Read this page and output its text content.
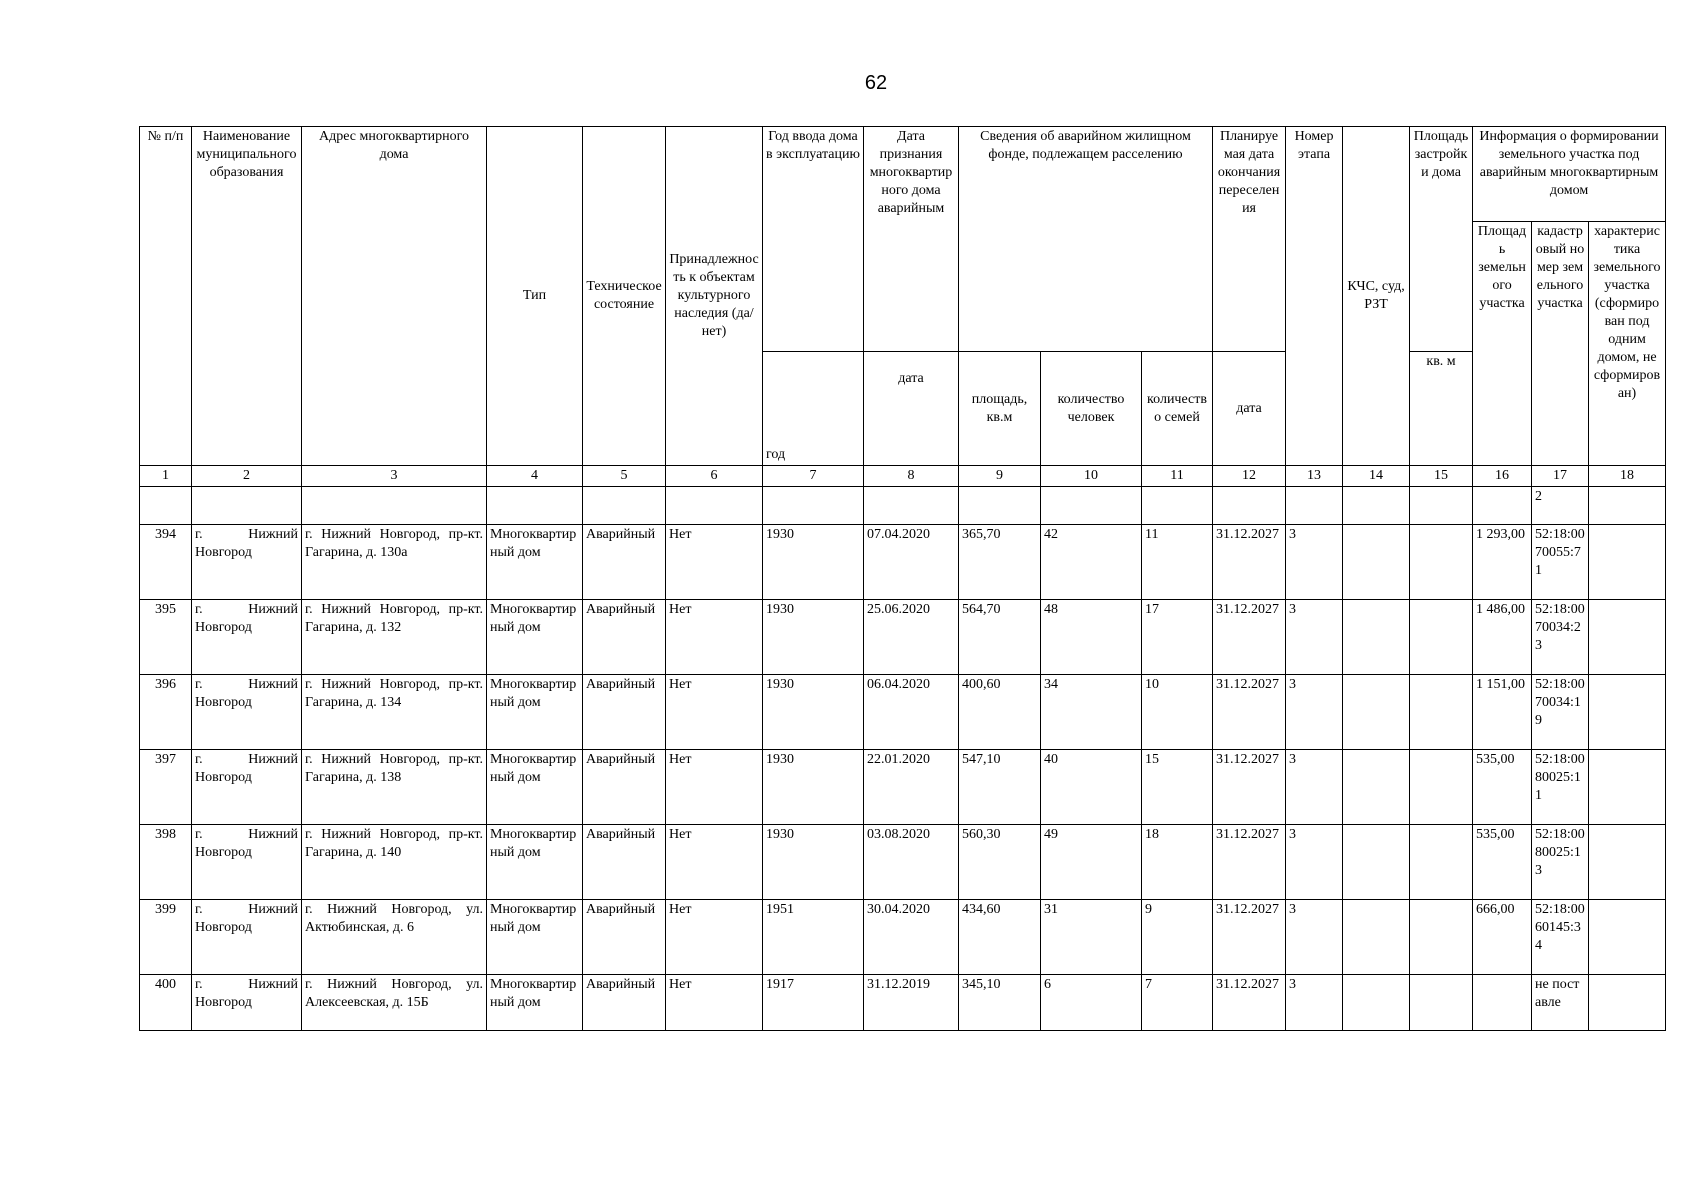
62
№ п/п	Наименование муниципального образования	Адрес многоквартирного дома	Тип	Техническое состояние	Принадлежность к объектам культурного наследия (да/нет)	Год ввода дома в эксплуатацию	Дата признания многоквартирного дома аварийным	Сведения об аварийном жилищном фонде, подлежащем расселению			Планируемая дата окончания переселения	Номер этапа	КЧС, суд, РЗТ	Площадь застройки дома	Информация о формировании земельного участка под аварийным многоквартирным домом		
															Площадь земельного участка	кадастровый номер земельного участка	характеристика земельного участка (сформирован под одним домом, не сформирован)
						год	дата	площадь, кв.м	количество человек	количество семей	дата			кв. м			
1	2	3	4	5	6	7	8	9	10	11	12	13	14	15	16	17	18
																2	
394	г. Нижний Новгород	г. Нижний Новгород, пр-кт. Гагарина, д. 130а	Многоквартирный дом	Аварийный	Нет	1930	07.04.2020	365,70	42	11	31.12.2027	3			1 293,00	52:18:0070055:71	
395	г. Нижний Новгород	г. Нижний Новгород, пр-кт. Гагарина, д. 132	Многоквартирный дом	Аварийный	Нет	1930	25.06.2020	564,70	48	17	31.12.2027	3			1 486,00	52:18:0070034:23	
396	г. Нижний Новгород	г. Нижний Новгород, пр-кт. Гагарина, д. 134	Многоквартирный дом	Аварийный	Нет	1930	06.04.2020	400,60	34	10	31.12.2027	3			1 151,00	52:18:0070034:19	
397	г. Нижний Новгород	г. Нижний Новгород, пр-кт. Гагарина, д. 138	Многоквартирный дом	Аварийный	Нет	1930	22.01.2020	547,10	40	15	31.12.2027	3			535,00	52:18:0080025:11	
398	г. Нижний Новгород	г. Нижний Новгород, пр-кт. Гагарина, д. 140	Многоквартирный дом	Аварийный	Нет	1930	03.08.2020	560,30	49	18	31.12.2027	3			535,00	52:18:0080025:13	
399	г. Нижний Новгород	г. Нижний Новгород, ул. Актюбинская, д. 6	Многоквартирный дом	Аварийный	Нет	1951	30.04.2020	434,60	31	9	31.12.2027	3			666,00	52:18:0060145:34	
400	г. Нижний Новгород	г. Нижний Новгород, ул. Алексеевская, д. 15Б	Многоквартирный дом	Аварийный	Нет	1917	31.12.2019	345,10	6	7	31.12.2027	3				не поставле	
